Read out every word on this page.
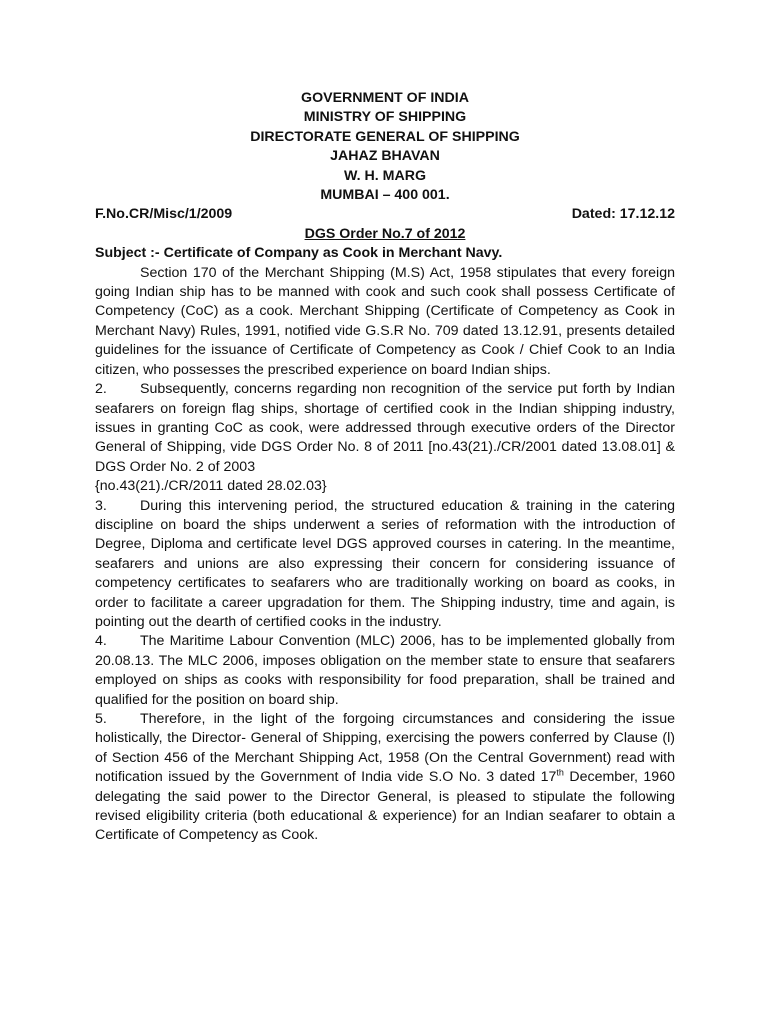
GOVERNMENT OF INDIA
MINISTRY OF SHIPPING
DIRECTORATE GENERAL OF SHIPPING
JAHAZ BHAVAN
W. H. MARG
MUMBAI – 400 001.
F.No.CR/Misc/1/2009	Dated: 17.12.12
DGS Order No.7 of 2012
Subject :- Certificate of Company as Cook in Merchant Navy.

Section 170 of the Merchant Shipping (M.S) Act, 1958 stipulates that every foreign going Indian ship has to be manned with cook and such cook shall possess Certificate of Competency (CoC) as a cook. Merchant Shipping (Certificate of Competency as Cook in Merchant Navy) Rules, 1991, notified vide G.S.R No. 709 dated 13.12.91, presents detailed guidelines for the issuance of Certificate of Competency as Cook / Chief Cook to an India citizen, who possesses the prescribed experience on board Indian ships.

2. Subsequently, concerns regarding non recognition of the service put forth by Indian seafarers on foreign flag ships, shortage of certified cook in the Indian shipping industry, issues in granting CoC as cook, were addressed through executive orders of the Director General of Shipping, vide DGS Order No. 8 of 2011 [no.43(21)./CR/2001 dated 13.08.01] & DGS Order No. 2 of 2003
{no.43(21)./CR/2011 dated 28.02.03}

3. During this intervening period, the structured education & training in the catering discipline on board the ships underwent a series of reformation with the introduction of Degree, Diploma and certificate level DGS approved courses in catering. In the meantime, seafarers and unions are also expressing their concern for considering issuance of competency certificates to seafarers who are traditionally working on board as cooks, in order to facilitate a career upgradation for them. The Shipping industry, time and again, is pointing out the dearth of certified cooks in the industry.

4. The Maritime Labour Convention (MLC) 2006, has to be implemented globally from 20.08.13. The MLC 2006, imposes obligation on the member state to ensure that seafarers employed on ships as cooks with responsibility for food preparation, shall be trained and qualified for the position on board ship.

5. Therefore, in the light of the forgoing circumstances and considering the issue holistically, the Director- General of Shipping, exercising the powers conferred by Clause (l) of Section 456 of the Merchant Shipping Act, 1958 (On the Central Government) read with notification issued by the Government of India vide S.O No. 3 dated 17th December, 1960 delegating the said power to the Director General, is pleased to stipulate the following revised eligibility criteria (both educational & experience) for an Indian seafarer to obtain a Certificate of Competency as Cook.
